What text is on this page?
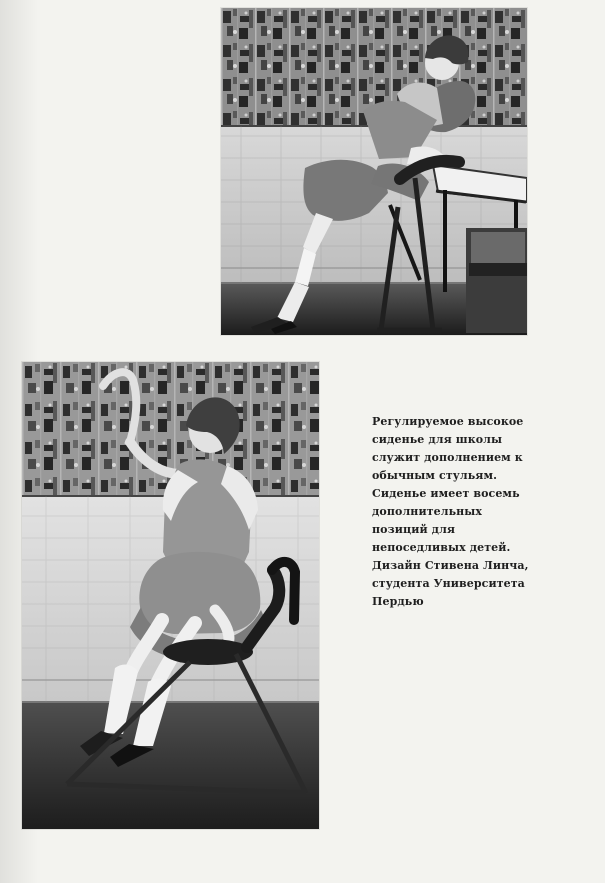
Регулируемое высокое
сиденье для школы
служит дополнением к
обычным стульям.
Сиденье имеет восемь
дополнительных
позиций для
непоседливых детей.
Дизайн Стивена Линча,
студента Университета
Пердью
